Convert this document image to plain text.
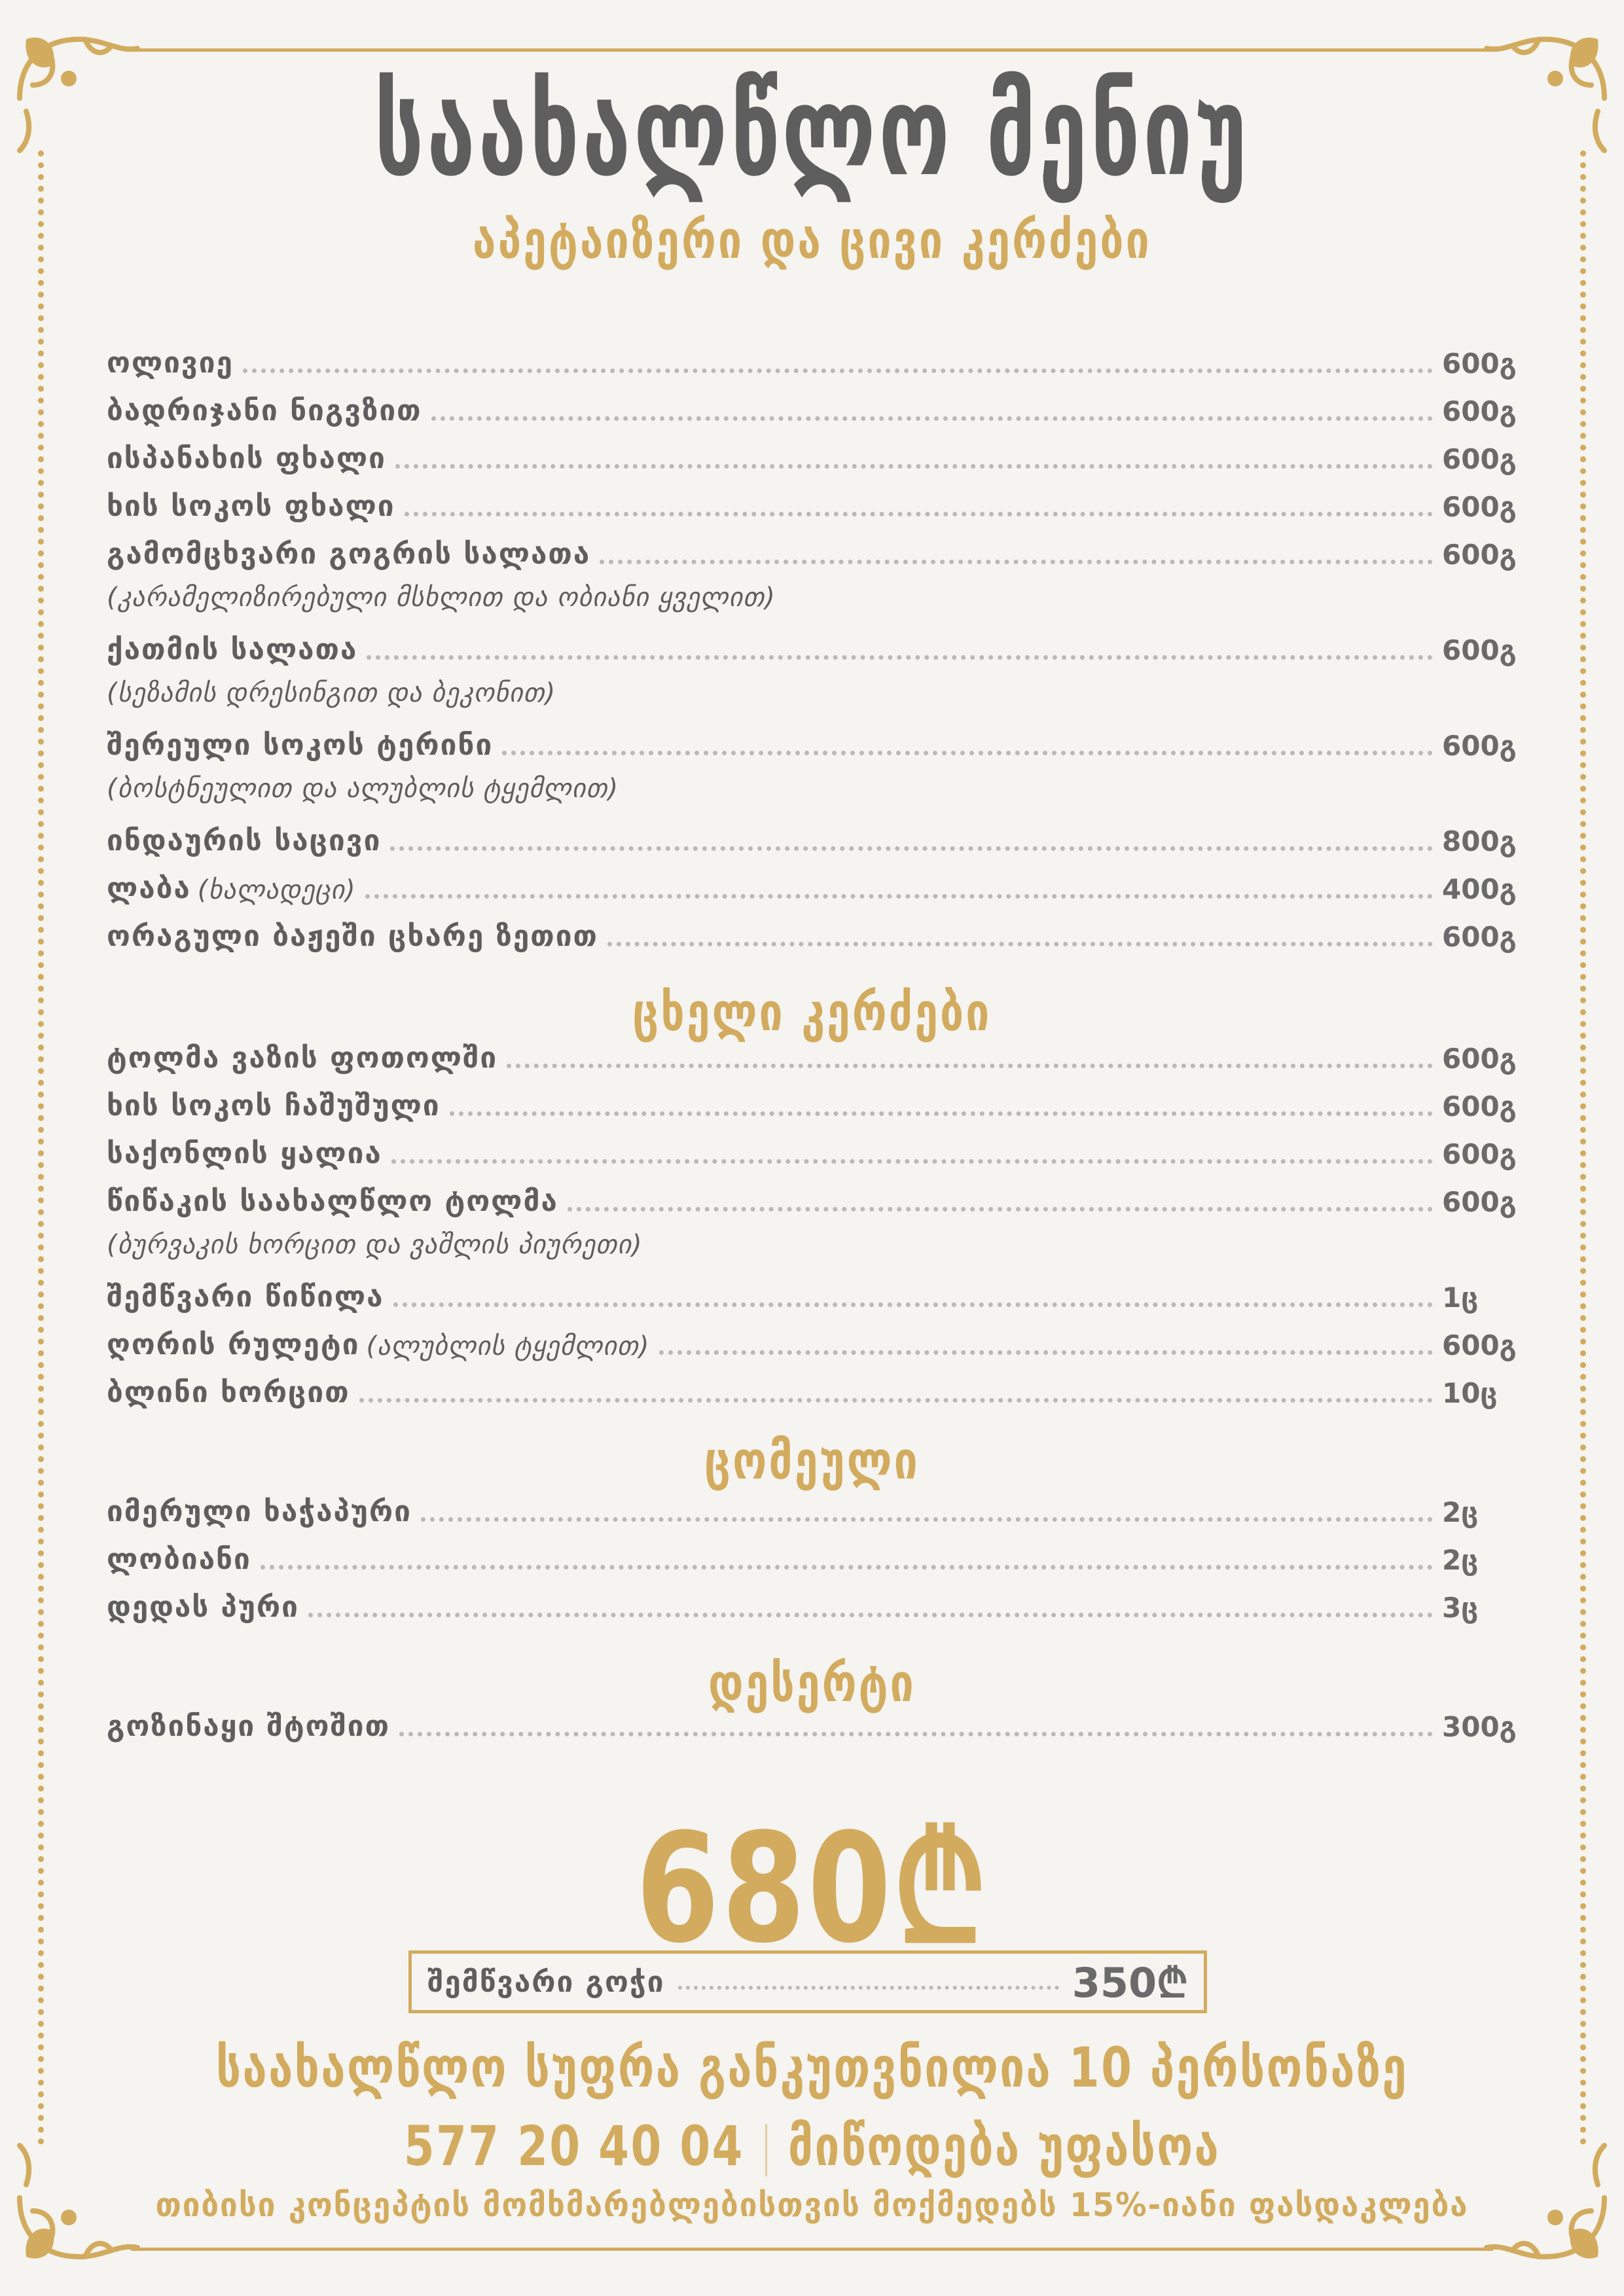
საახალწლო მენიუ
აპეტაიზერი და ცივი კერძები
ოლივიე	600გ
ბადრიჯანი ნიგვზით	600გ
ისპანახის ფხალი	600გ
ხის სოკოს ფხალი	600გ
გამომცხვარი გოგრის სალათა	600გ
(კარამელიზირებული მსხლით და ობიანი ყველით)
ქათმის სალათა	600გ
(სეზამის დრესინგით და ბეკონით)
შერეული სოკოს ტერინი	600გ
(ბოსტნეულით და ალუბლის ტყემლით)
ინდაურის საცივი	800გ
ლაბა (ხალადეცი)	400გ
ორაგული ბაჟეში ცხარე ზეთით	600გ
ცხელი კერძები
ტოლმა ვაზის ფოთოლში	600გ
ხის სოკოს ჩაშუშული	600გ
საქონლის ყალია	600გ
წიწაკის საახალწლო ტოლმა	600გ
(ბურვაკის ხორცით და ვაშლის პიურეთი)
შემწვარი წიწილა	1ც
ღორის რულეტი (ალუბლის ტყემლით)	600გ
ბლინი ხორცით	10ც
ცომეული
იმერული ხაჭაპური	2ც
ლობიანი	2ც
დედას პური	3ც
დესერტი
გოზინაყი შტოშით	300გ
680₾
შემწვარი გოჭი	350₾
საახალწლო სუფრა განკუთვნილია 10 პერსონაზე
577 20 40 04 მიწოდება უფასოა
თიბისი კონცეპტის მომხმარებლებისთვის მოქმედებს 15%-იანი ფასდაკლება
